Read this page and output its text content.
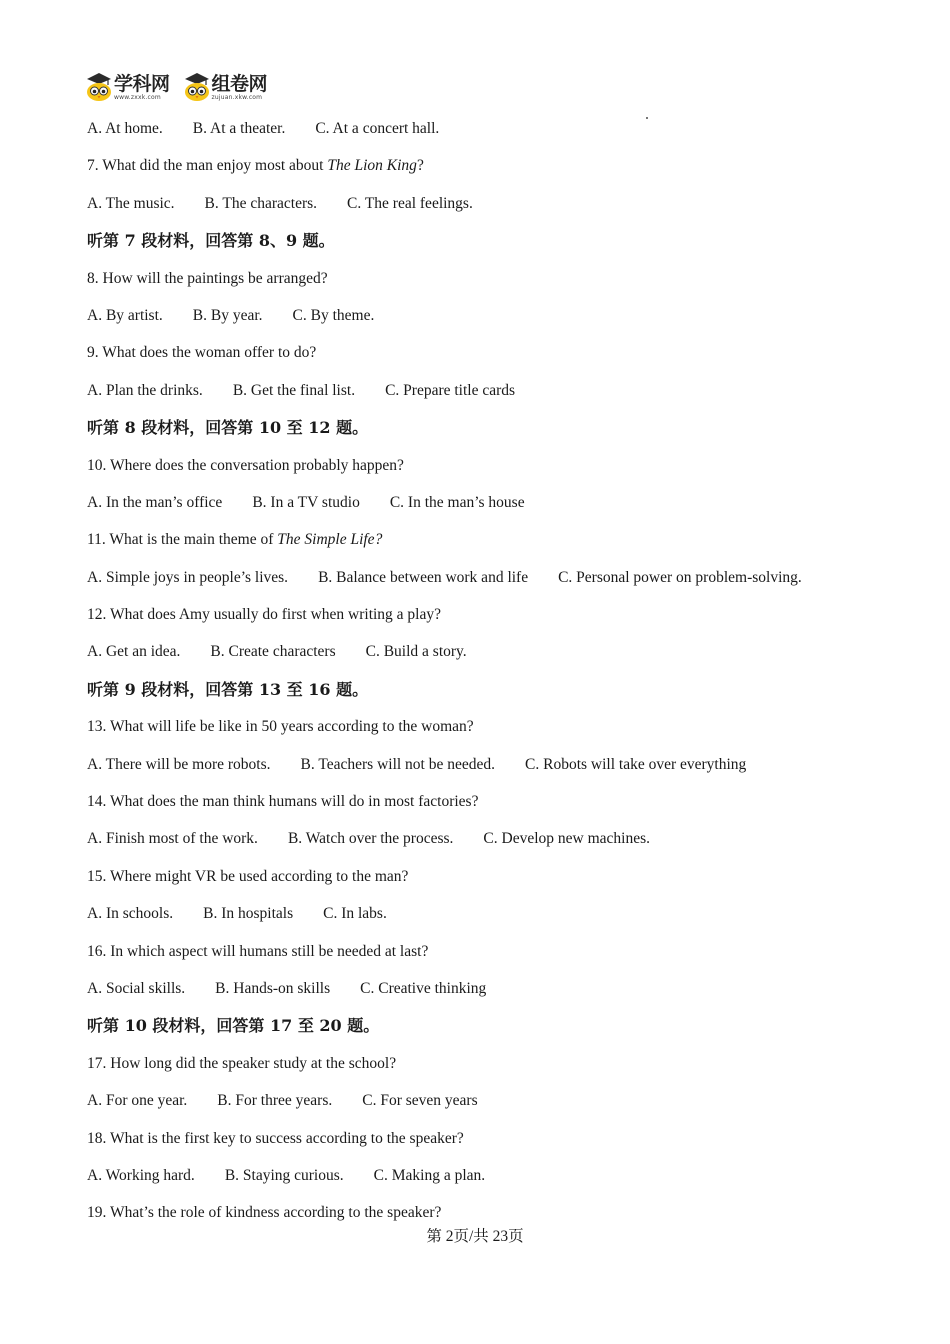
学科网
www.zxxk.com
组卷网
zujuan.xkw.com
A. At home. B. At a theater. C. At a concert hall.
7. What did the man enjoy most about The Lion King?
A. The music. B. The characters. C. The real feelings.
听第 7 段材料，回答第 8、9 题。
8. How will the paintings be arranged?
A. By artist. B. By year. C. By theme.
9. What does the woman offer to do?
A. Plan the drinks. B. Get the final list. C. Prepare title cards
听第 8 段材料，回答第 10 至 12 题。
10. Where does the conversation probably happen?
A. In the man’s office B. In a TV studio C. In the man’s house
11. What is the main theme of The Simple Life?
A. Simple joys in people’s lives. B. Balance between work and life C. Personal power on problem-solving.
12. What does Amy usually do first when writing a play?
A. Get an idea. B. Create characters C. Build a story.
听第 9 段材料，回答第 13 至 16 题。
13. What will life be like in 50 years according to the woman?
A. There will be more robots. B. Teachers will not be needed. C. Robots will take over everything
14. What does the man think humans will do in most factories?
A. Finish most of the work. B. Watch over the process. C. Develop new machines.
15. Where might VR be used according to the man?
A. In schools. B. In hospitals C. In labs.
16. In which aspect will humans still be needed at last?
A. Social skills. B. Hands-on skills C. Creative thinking
听第 10 段材料，回答第 17 至 20 题。
17. How long did the speaker study at the school?
A. For one year. B. For three years. C. For seven years
18. What is the first key to success according to the speaker?
A. Working hard. B. Staying curious. C. Making a plan.
19. What’s the role of kindness according to the speaker?
第 2页/共 23页
